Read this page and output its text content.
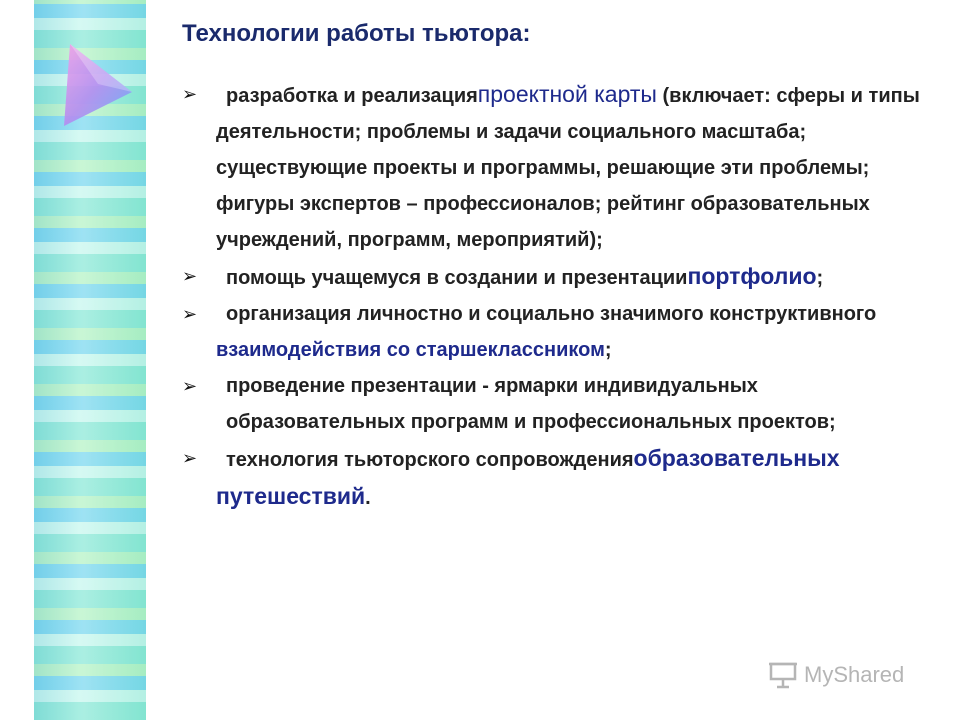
Технологии работы тьютора:
➢ разработка и реализацияпроектной карты (включает: сферы и типы деятельности; проблемы и задачи социального масштаба; существующие проекты и программы, решающие эти проблемы; фигуры экспертов – профессионалов; рейтинг образовательных учреждений, программ, мероприятий);
➢ помощь учащемуся в создании и презентациипортфолио;
➢ организация личностно и социально значимого конструктивноговзаимодействия со старшеклассником;
➢ проведение презентации - ярмарки индивидуальных образовательных программ и профессиональных проектов;
➢ технология тьюторского сопровожденияобразовательных путешествий.
MyShared
